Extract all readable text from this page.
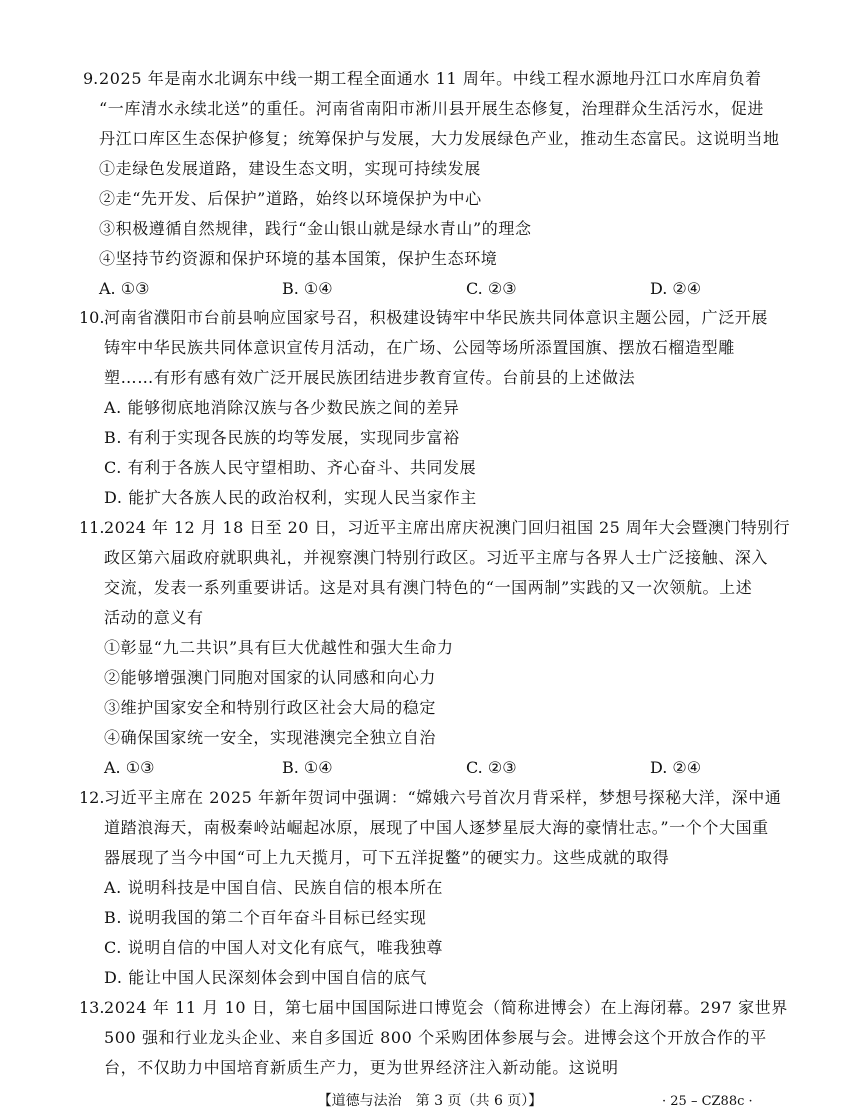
9. 2025 年是南水北调东中线一期工程全面通水 11 周年。中线工程水源地丹江口水库肩负着
“一库清水永续北送”的重任。河南省南阳市淅川县开展生态修复，治理群众生活污水，促进
丹江口库区生态保护修复；统筹保护与发展，大力发展绿色产业，推动生态富民。这说明当地
①走绿色发展道路，建设生态文明，实现可持续发展
②走“先开发、后保护”道路，始终以环境保护为中心
③积极遵循自然规律，践行“金山银山就是绿水青山”的理念
④坚持节约资源和保护环境的基本国策，保护生态环境
A. ①③	B. ①④	C. ②③	D. ②④
10. 河南省濮阳市台前县响应国家号召，积极建设铸牢中华民族共同体意识主题公园，广泛开展
铸牢中华民族共同体意识宣传月活动，在广场、公园等场所添置国旗、摆放石榴造型雕
塑……有形有感有效广泛开展民族团结进步教育宣传。台前县的上述做法
A. 能够彻底地消除汉族与各少数民族之间的差异
B. 有利于实现各民族的均等发展，实现同步富裕
C. 有利于各族人民守望相助、齐心奋斗、共同发展
D. 能扩大各族人民的政治权利，实现人民当家作主
11. 2024 年 12 月 18 日至 20 日，习近平主席出席庆祝澳门回归祖国 25 周年大会暨澳门特别行
政区第六届政府就职典礼，并视察澳门特别行政区。习近平主席与各界人士广泛接触、深入
交流，发表一系列重要讲话。这是对具有澳门特色的“一国两制”实践的又一次领航。上述
活动的意义有
①彰显“九二共识”具有巨大优越性和强大生命力
②能够增强澳门同胞对国家的认同感和向心力
③维护国家安全和特别行政区社会大局的稳定
④确保国家统一安全，实现港澳完全独立自治
A. ①③	B. ①④	C. ②③	D. ②④
12. 习近平主席在 2025 年新年贺词中强调：“嫦娥六号首次月背采样，梦想号探秘大洋，深中通
道踏浪海天，南极秦岭站崛起冰原，展现了中国人逐梦星辰大海的豪情壮志。”一个个大国重
器展现了当今中国“可上九天揽月，可下五洋捉鳖”的硬实力。这些成就的取得
A. 说明科技是中国自信、民族自信的根本所在
B. 说明我国的第二个百年奋斗目标已经实现
C. 说明自信的中国人对文化有底气，唯我独尊
D. 能让中国人民深刻体会到中国自信的底气
13. 2024 年 11 月 10 日，第七届中国国际进口博览会（简称进博会）在上海闭幕。297 家世界
500 强和行业龙头企业、来自多国近 800 个采购团体参展与会。进博会这个开放合作的平
台，不仅助力中国培育新质生产力，更为世界经济注入新动能。这说明
【道德与法治　第 3 页（共 6 页）】	· 25 – CZ88c ·
